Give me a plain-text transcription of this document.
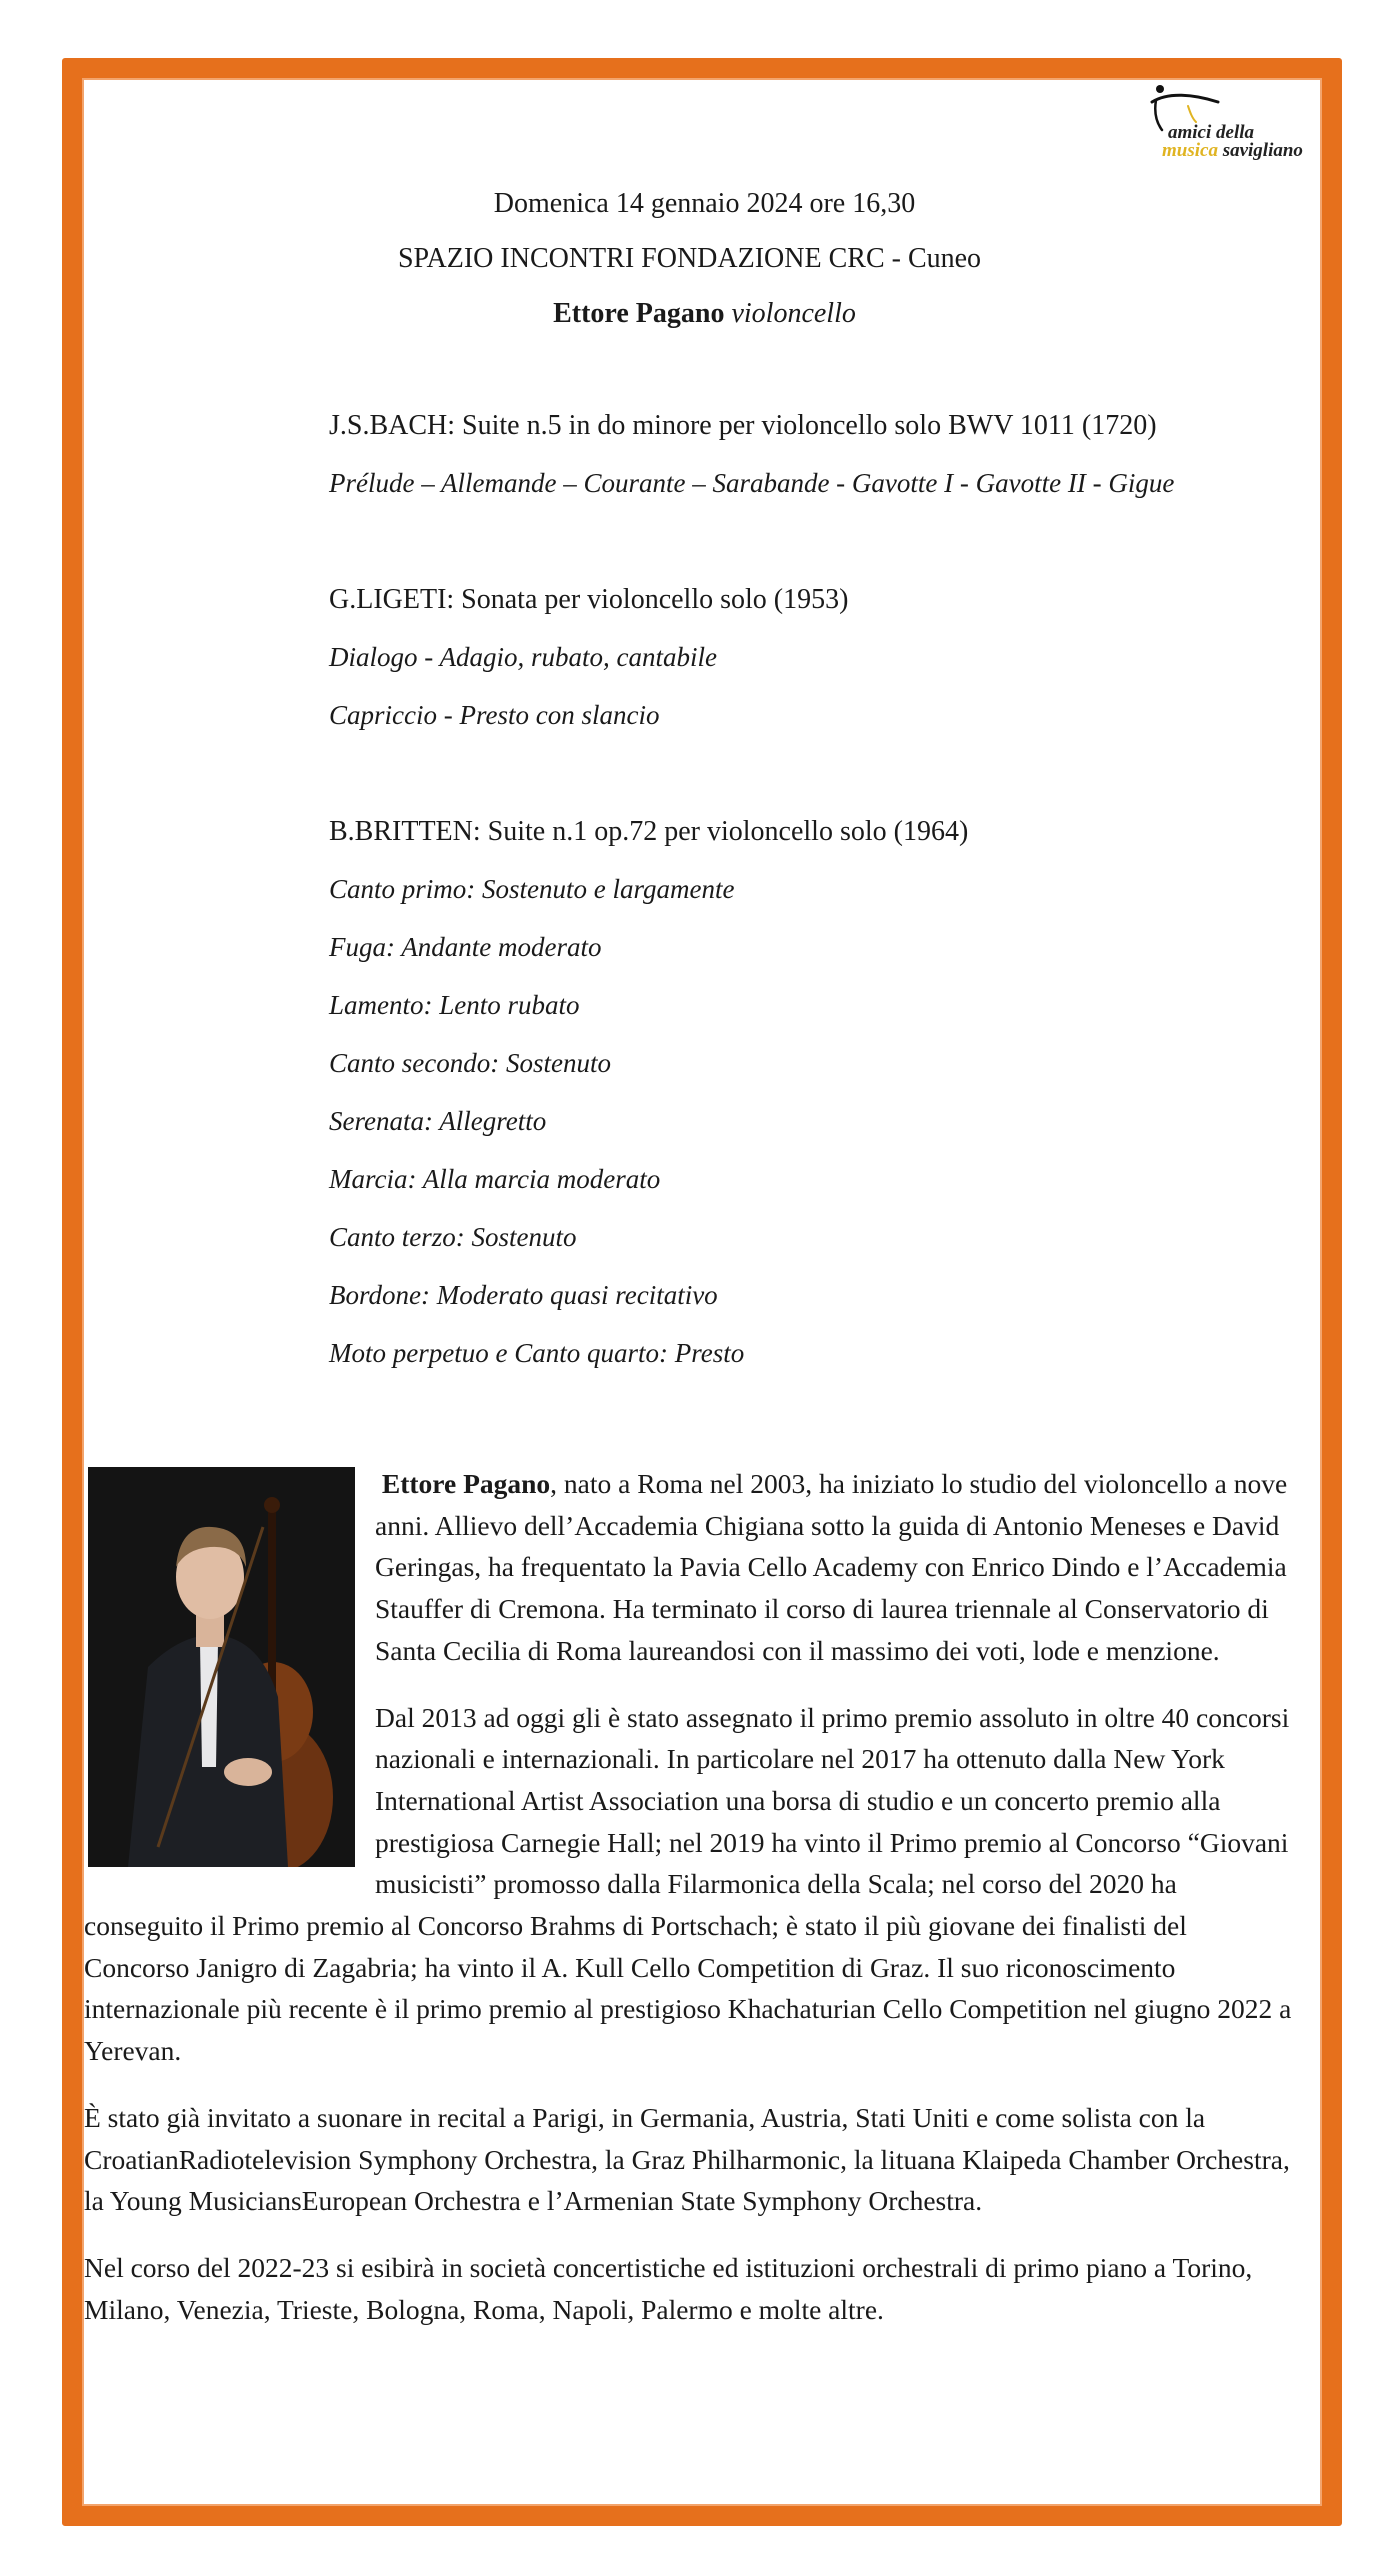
amici della
musica savigliano
Domenica 14 gennaio 2024 ore 16,30
SPAZIO INCONTRI FONDAZIONE CRC - Cuneo
Ettore Pagano violoncello
J.S.BACH: Suite n.5 in do minore per violoncello solo BWV 1011 (1720)
Prélude – Allemande – Courante – Sarabande - Gavotte I - Gavotte II - Gigue
G.LIGETI: Sonata per violoncello solo (1953)
Dialogo - Adagio, rubato, cantabile
Capriccio - Presto con slancio
B.BRITTEN: Suite n.1 op.72 per violoncello solo (1964)
Canto primo: Sostenuto e largamente
Fuga: Andante moderato
Lamento: Lento rubato
Canto secondo: Sostenuto
Serenata: Allegretto
Marcia: Alla marcia moderato
Canto terzo: Sostenuto
Bordone: Moderato quasi recitativo
Moto perpetuo e Canto quarto: Presto

Ettore Pagano, nato a Roma nel 2003, ha iniziato lo studio del violoncello a nove anni. Allievo dell’Accademia Chigiana sotto la guida di Antonio Meneses e David Geringas, ha frequentato la Pavia Cello Academy con Enrico Dindo e l’Accademia Stauffer di Cremona. Ha terminato il corso di laurea triennale al Conservatorio di Santa Cecilia di Roma laureandosi con il massimo dei voti, lode e menzione.

Dal 2013 ad oggi gli è stato assegnato il primo premio assoluto in oltre 40 concorsi nazionali e internazionali. In particolare nel 2017 ha ottenuto dalla New York International Artist Association una borsa di studio e un concerto premio alla prestigiosa Carnegie Hall; nel 2019 ha vinto il Primo premio al Concorso “Giovani musicisti” promosso dalla Filarmonica della Scala; nel corso del 2020 ha conseguito il Primo premio al Concorso Brahms di Portschach; è stato il più giovane dei finalisti del Concorso Janigro di Zagabria; ha vinto il A. Kull Cello Competition di Graz. Il suo riconoscimento internazionale più recente è il primo premio al prestigioso Khachaturian Cello Competition nel giugno 2022 a Yerevan.

È stato già invitato a suonare in recital a Parigi, in Germania, Austria, Stati Uniti e come solista con la CroatianRadiotelevision Symphony Orchestra, la Graz Philharmonic, la lituana Klaipeda Chamber Orchestra, la Young MusiciansEuropean Orchestra e l’Armenian State Symphony Orchestra.

Nel corso del 2022-23 si esibirà in società concertistiche ed istituzioni orchestrali di primo piano a Torino, Milano, Venezia, Trieste, Bologna, Roma, Napoli, Palermo e molte altre.
